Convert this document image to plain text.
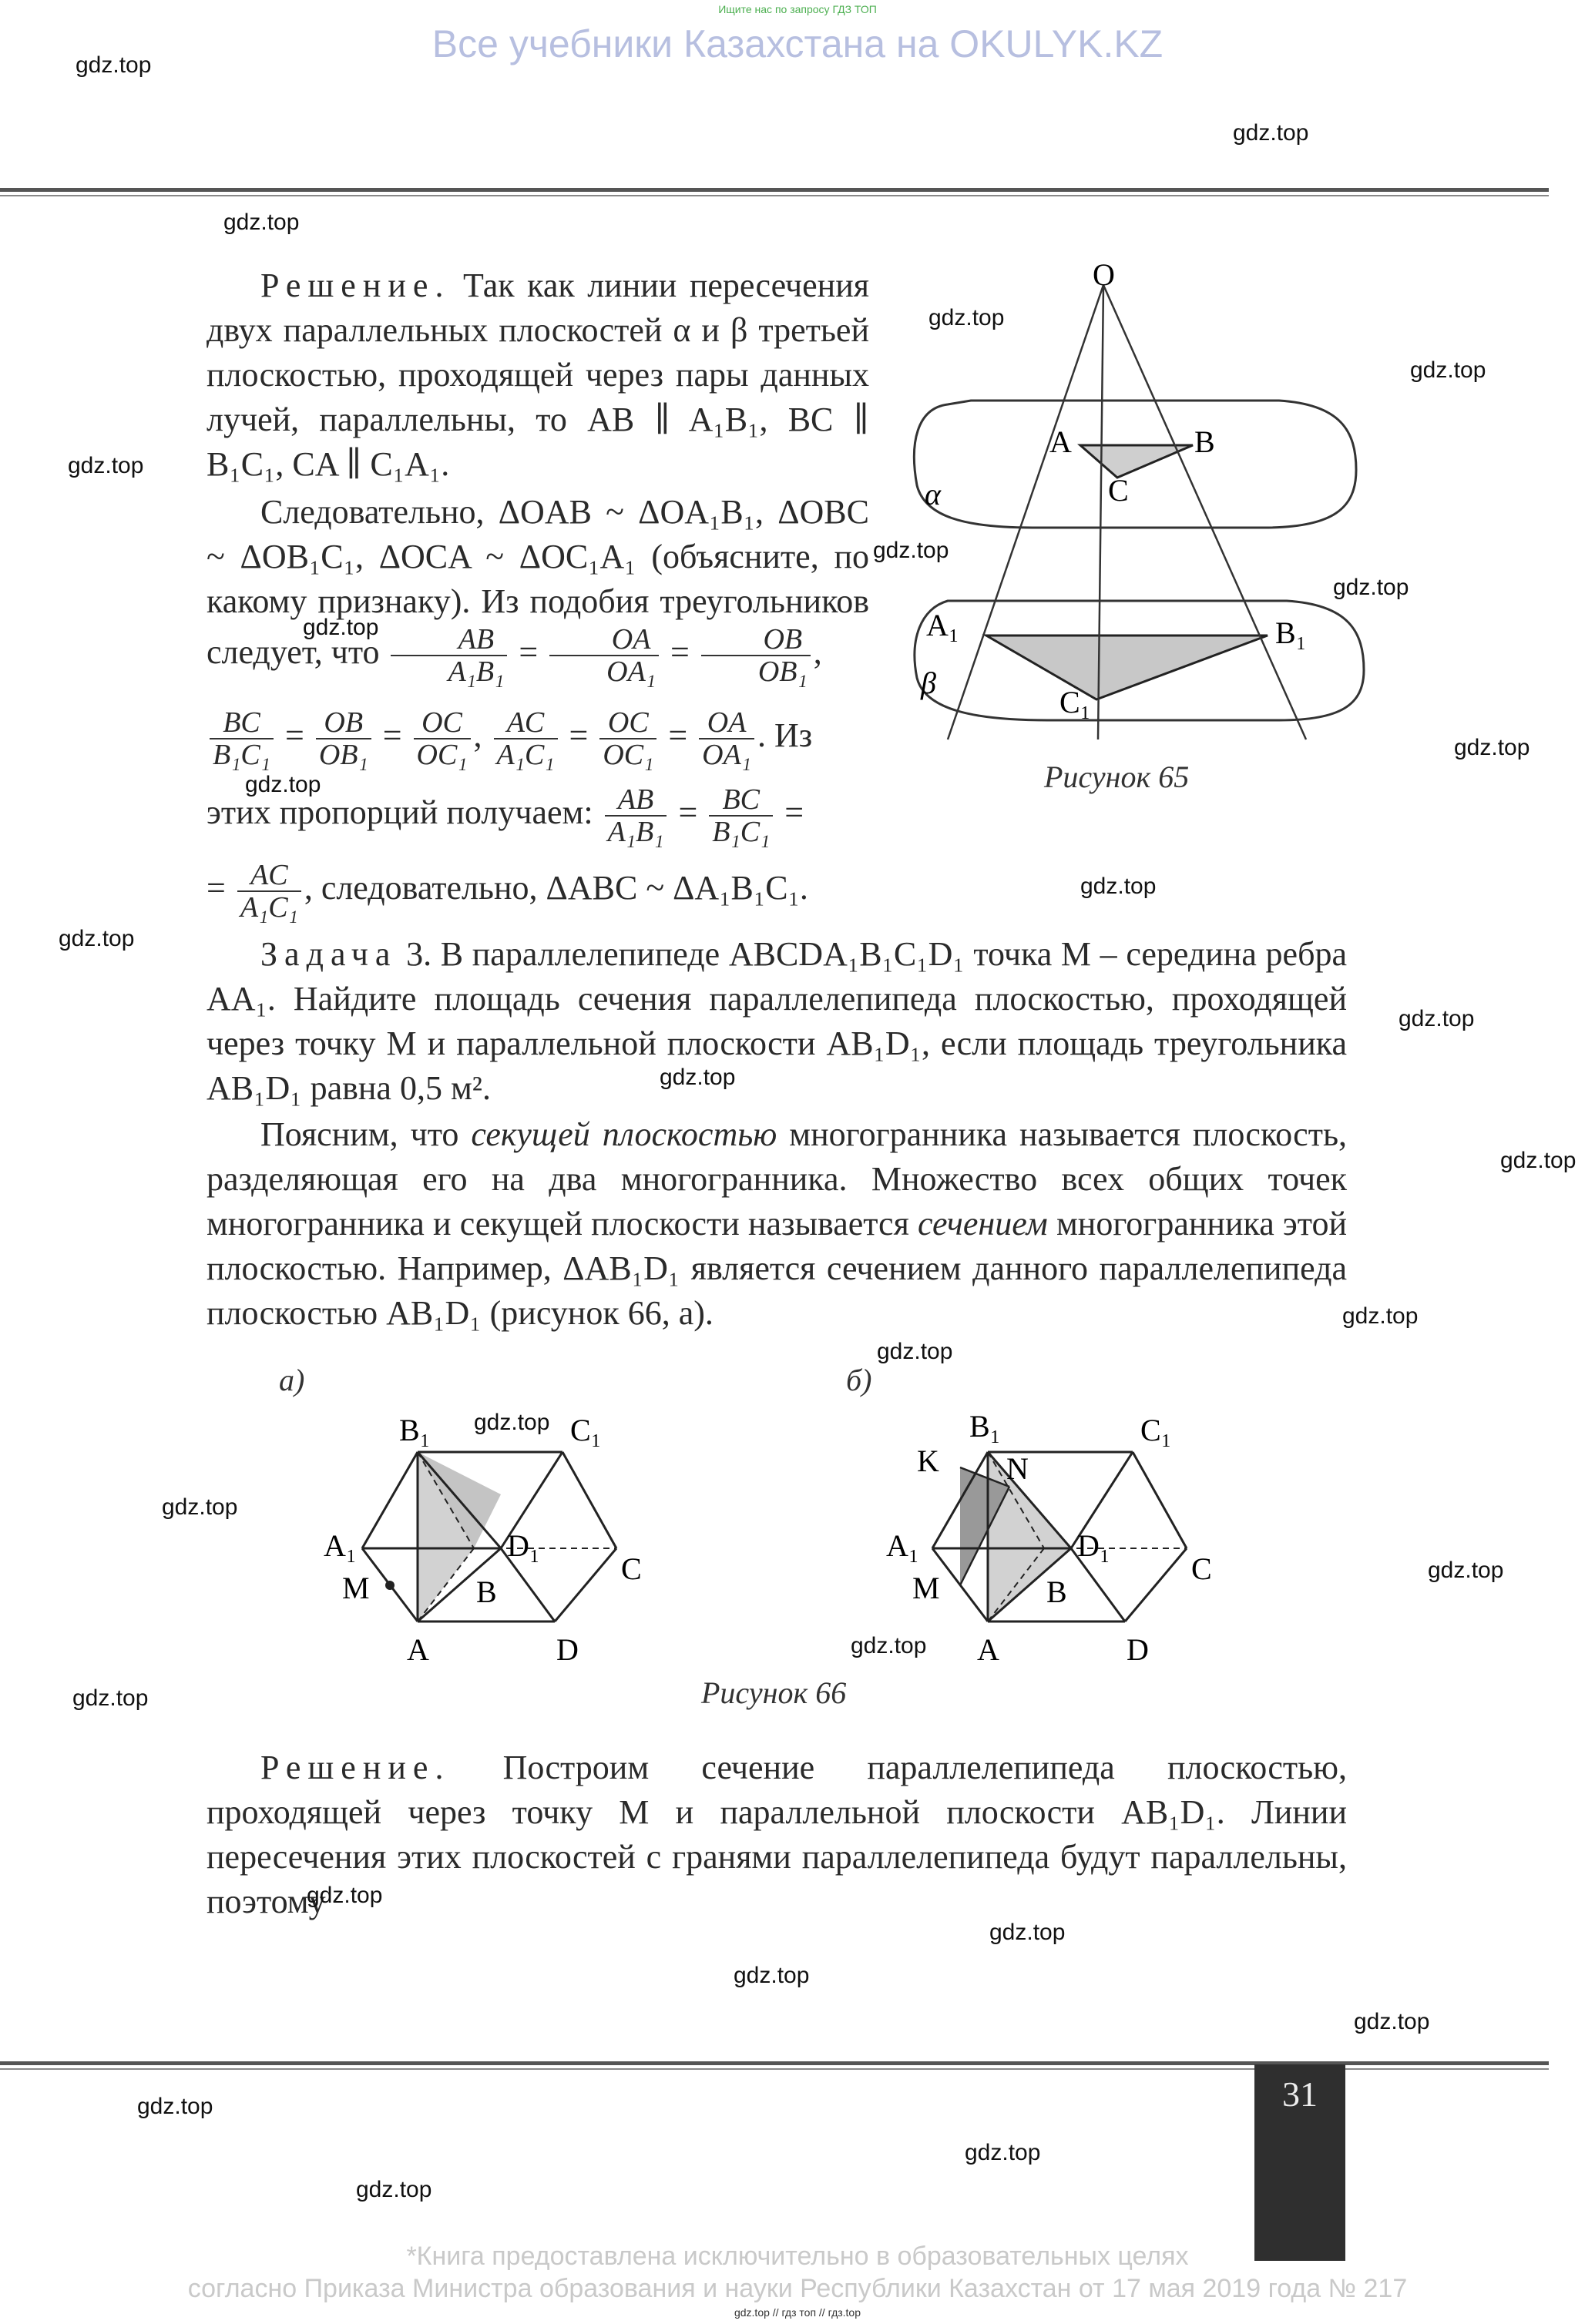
Ищите нас по запросу ГДЗ ТОП
Все учебники Казахстана на OKULYK.KZ
Решение. Так как линии пересечения двух параллельных плоскостей α и β третьей плоскостью, проходящей через пары данных лучей, параллельны, то AB ∥ A₁B₁, BC ∥ B₁C₁, CA ∥ C₁A₁.
Следовательно, ΔOAB ~ ΔOA₁B₁, ΔOBC ~ ΔOB₁C₁, ΔOCA ~ ΔOC₁A₁ (объясните, по какому признаку). Из подобия треугольников следует, что $\frac{AB}{\text{A₁B₁}} = \frac{OA}{\text{OA₁}} = \frac{OB}{\text{OB₁}}$ ,
$\frac{BC}{\text{B₁C₁}} = \frac{OB}{\text{OB₁}} = \frac{OC}{\text{OC₁}}$ , $\frac{AC}{\text{A₁C₁}} = \frac{OC}{\text{OC₁}} = \frac{OA}{\text{OA₁}}$ . Из
этих пропорций получаем: $\frac{AB}{\text{A₁B₁}} = \frac{BC}{\text{B₁C₁}}$ =
= $\frac{AC}{\text{A₁C₁}}$ , следовательно, ΔABC ~ ΔA₁B₁C₁.
O
A	B
C
α
A₁	B₁
C₁
β
Рисунок 65
Задача 3. В параллелепипеде ABCDA₁B₁C₁D₁ точка M – середина ребра AA₁. Найдите площадь сечения параллелепипеда плоскостью, проходящей через точку M и параллельной плоскости AB₁D₁, если площадь треугольника AB₁D₁ равна 0,5 м².
Поясним, что секущей плоскостью многогранника называется плоскость, разделяющая его на два многогранника. Множество всех общих точек многогранника и секущей плоскости называется сечением многогранника этой плоскостью. Например, ΔAB₁D₁ является сечением данного параллелепипеда плоскостью AB₁D₁ (рисунок 66, а).
а)	б)
B₁	C₁
A₁	D₁
M	B
C
A	D
B₁	C₁
K N
A₁	D₁
M	B
C
A	D
Рисунок 66
Решение. Построим сечение параллелепипеда плоскостью, проходящей через точку M и параллельной плоскости AB₁D₁. Линии пересечения этих плоскостей с гранями параллелепипеда будут параллельны, поэтому
31
*Книга предоставлена исключительно в образовательных целях
согласно Приказа Министра образования и науки Республики Казахстан от 17 мая 2019 года № 217
gdz.top // гдз топ // гдз.top
gdz.top
gdz.top
gdz.top
gdz.top
gdz.top
gdz.top
gdz.top
gdz.top
gdz.top
gdz.top
gdz.top
gdz.top
gdz.top
gdz.top
gdz.top
gdz.top
gdz.top
gdz.top
gdz.top
gdz.top
gdz.top
gdz.top
gdz.top
gdz.top
gdz.top
gdz.top
gdz.top
gdz.top
gdz.top
gdz.top
